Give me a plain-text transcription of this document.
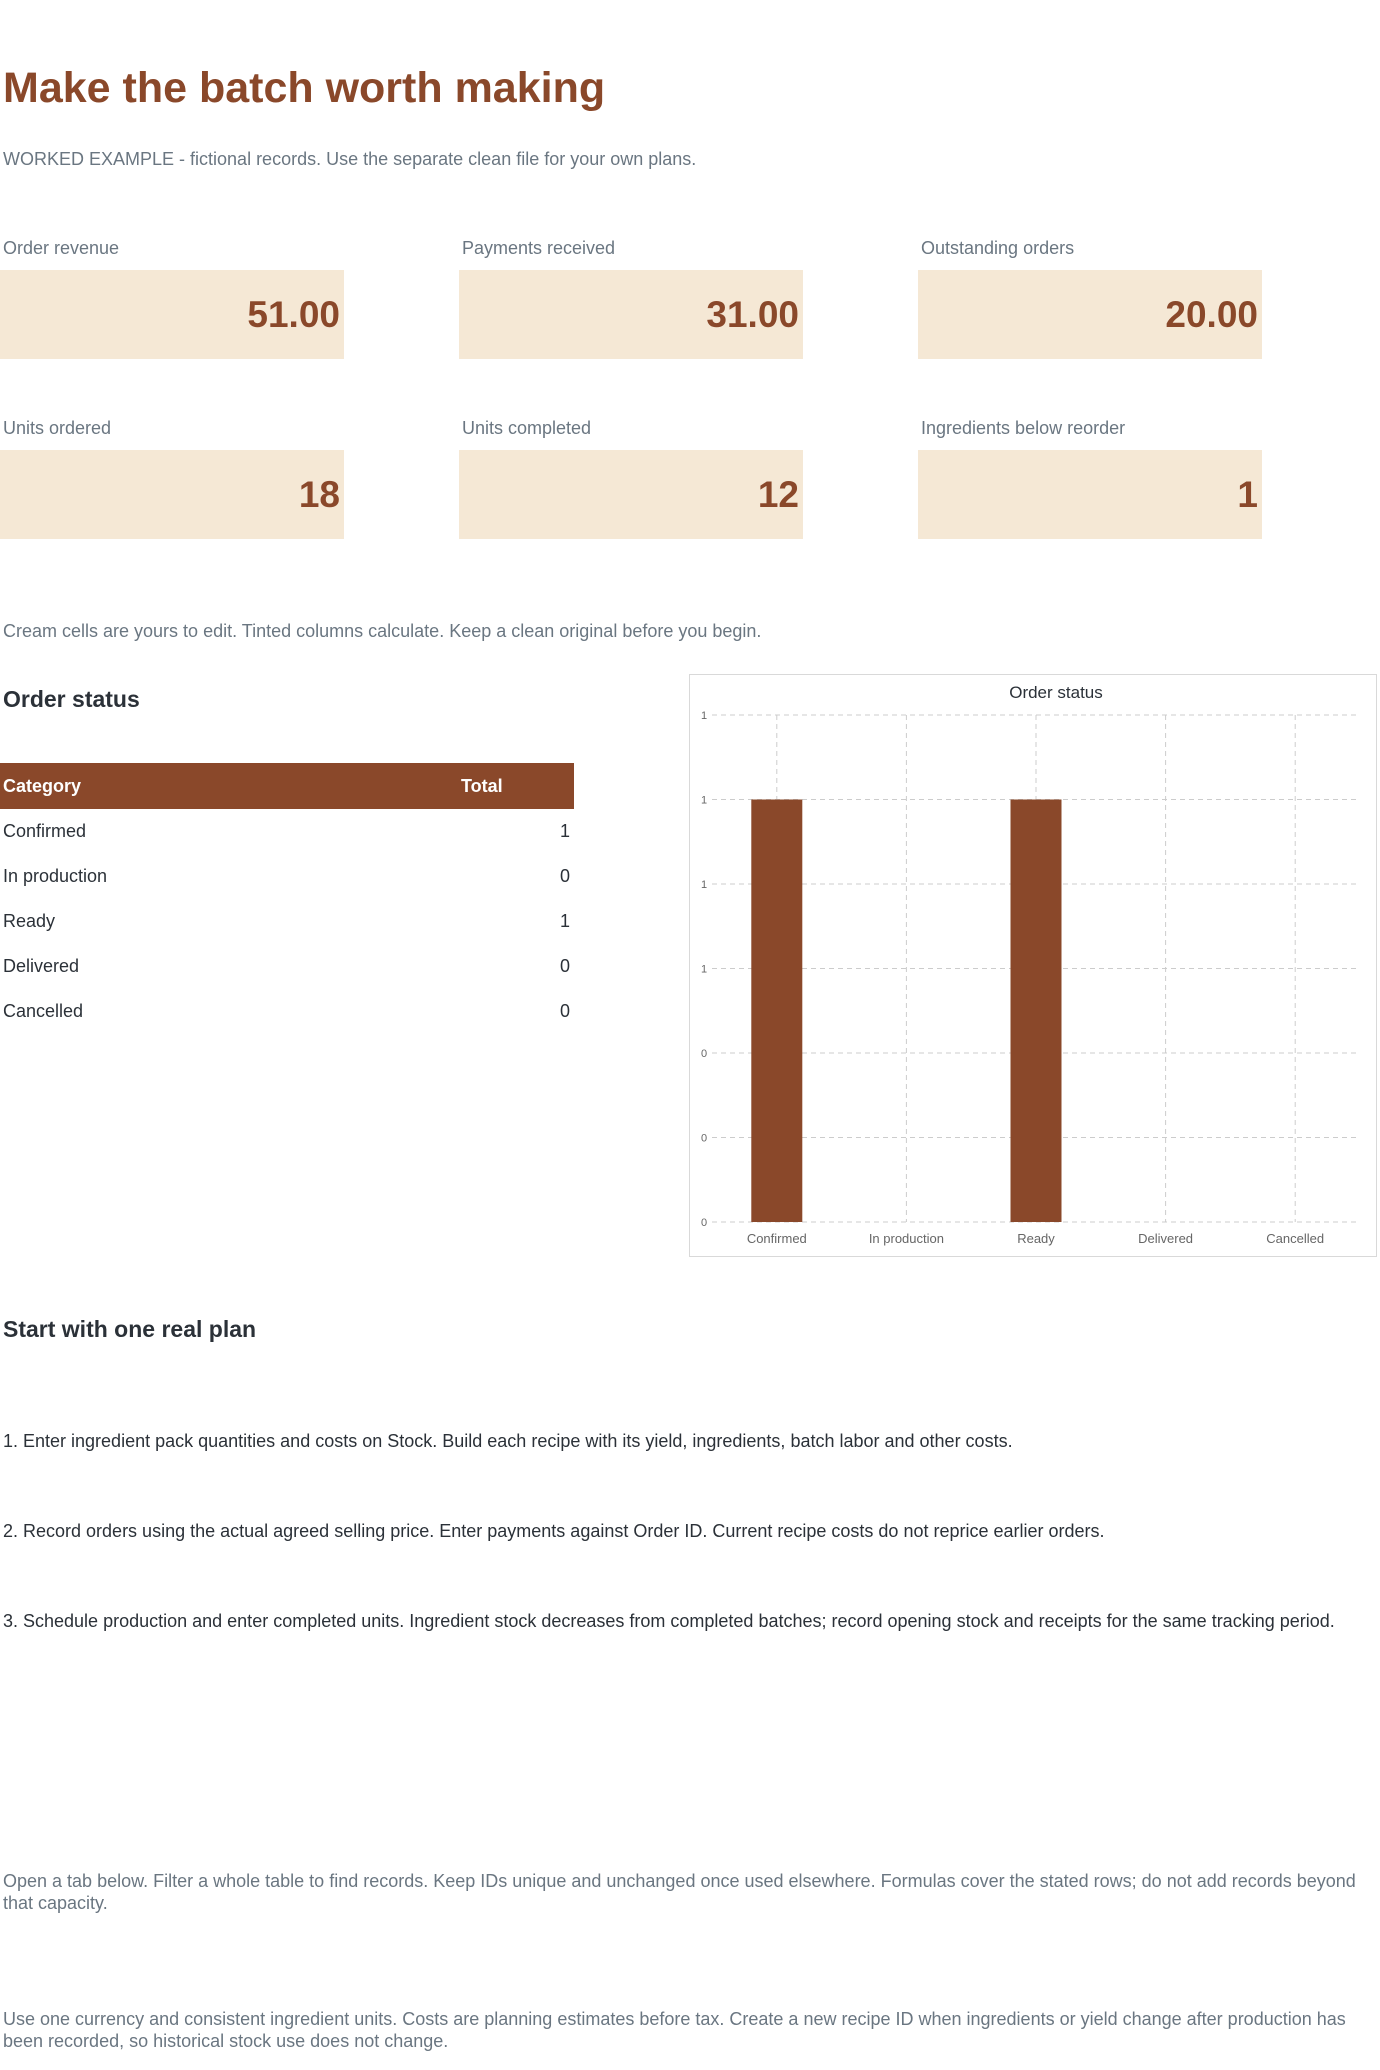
Make the batch worth making
WORKED EXAMPLE - fictional records. Use the separate clean file for your own plans.
Order revenue
51.00
Payments received
31.00
Outstanding orders
20.00
Units ordered
18
Units completed
12
Ingredients below reorder
1
Cream cells are yours to edit. Tinted columns calculate. Keep a clean original before you begin.
Order status
Category	Total
Confirmed	1
In production	0
Ready	1
Delivered	0
Cancelled	0
Order status
0
0
0
1
1
1
1
Confirmed	In production	Ready	Delivered	Cancelled
Start with one real plan
1. Enter ingredient pack quantities and costs on Stock. Build each recipe with its yield, ingredients, batch labor and other costs.
2. Record orders using the actual agreed selling price. Enter payments against Order ID. Current recipe costs do not reprice earlier orders.
3. Schedule production and enter completed units. Ingredient stock decreases from completed batches; record opening stock and receipts for the same tracking period.
Open a tab below. Filter a whole table to find records. Keep IDs unique and unchanged once used elsewhere. Formulas cover the stated rows; do not add records beyond that capacity.
Use one currency and consistent ingredient units. Costs are planning estimates before tax. Create a new recipe ID when ingredients or yield change after production has been recorded, so historical stock use does not change.
